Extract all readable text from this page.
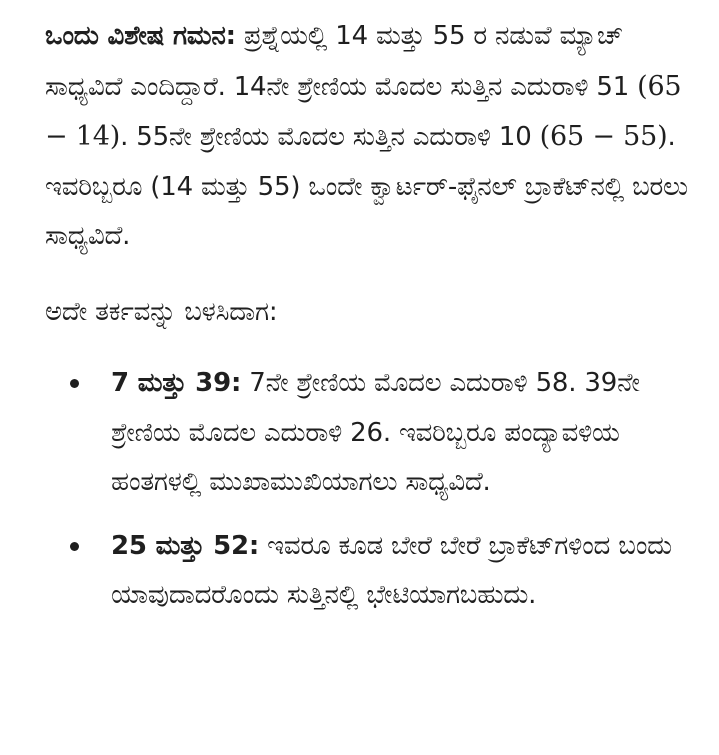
ಒಂದು ವಿಶೇಷ ಗಮನ: ಪ್ರಶ್ನೆಯಲ್ಲಿ 14 ಮತ್ತು 55 ರ ನಡುವೆ ಮ್ಯಾಚ್ ಸಾಧ್ಯವಿದೆ ಎಂದಿದ್ದಾರೆ. 14ನೇ ಶ್ರೇಣಿಯ ಮೊದಲ ಸುತ್ತಿನ ಎದುರಾಳಿ 51 (65 − 14). 55ನೇ ಶ್ರೇಣಿಯ ಮೊದಲ ಸುತ್ತಿನ ಎದುರಾಳಿ 10 (65 − 55). ಇವರಿಬ್ಬರೂ (14 ಮತ್ತು 55) ಒಂದೇ ಕ್ವಾರ್ಟರ್-ಫೈನಲ್ ಬ್ರಾಕೆಟ್‌ನಲ್ಲಿ ಬರಲು ಸಾಧ್ಯವಿದೆ.

ಅದೇ ತರ್ಕವನ್ನು ಬಳಸಿದಾಗ:

7 ಮತ್ತು 39: 7ನೇ ಶ್ರೇಣಿಯ ಮೊದಲ ಎದುರಾಳಿ 58. 39ನೇ ಶ್ರೇಣಿಯ ಮೊದಲ ಎದುರಾಳಿ 26. ಇವರಿಬ್ಬರೂ ಪಂದ್ಯಾವಳಿಯ ಹಂತಗಳಲ್ಲಿ ಮುಖಾಮುಖಿಯಾಗಲು ಸಾಧ್ಯವಿದೆ.
25 ಮತ್ತು 52: ಇವರೂ ಕೂಡ ಬೇರೆ ಬೇರೆ ಬ್ರಾಕೆಟ್‌ಗಳಿಂದ ಬಂದು ಯಾವುದಾದರೊಂದು ಸುತ್ತಿನಲ್ಲಿ ಭೇಟಿಯಾಗಬಹುದು.
